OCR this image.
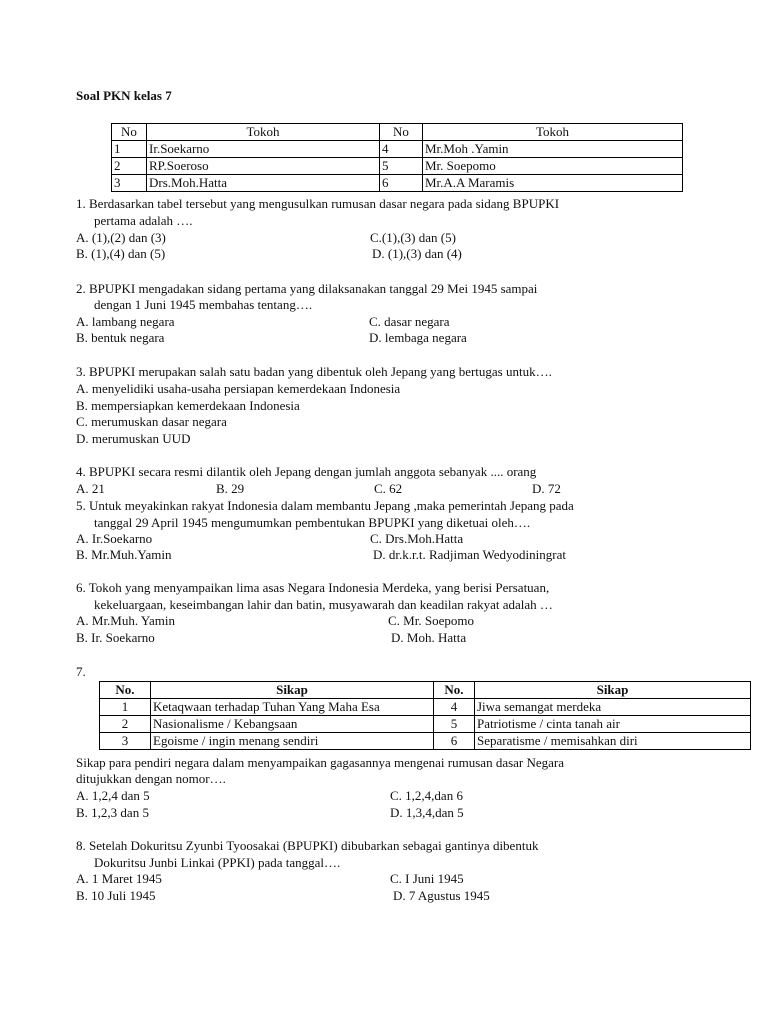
Soal PKN kelas 7
No	Tokoh	No	Tokoh
1	Ir.Soekarno	4	Mr.Moh .Yamin
2	RP.Soeroso	5	Mr. Soepomo
3	Drs.Moh.Hatta	6	Mr.A.A Maramis
1. Berdasarkan tabel tersebut yang mengusulkan rumusan dasar negara pada sidang BPUPKI
pertama adalah ….
A. (1),(2) dan (3)	C.(1),(3) dan (5)
B. (1),(4) dan (5)	D. (1),(3) dan (4)
2. BPUPKI mengadakan sidang pertama yang dilaksanakan tanggal 29 Mei 1945 sampai
dengan 1 Juni 1945 membahas tentang….
A. lambang negara	C. dasar negara
B. bentuk negara	D. lembaga negara
3. BPUPKI merupakan salah satu badan yang dibentuk oleh Jepang yang bertugas untuk….
A. menyelidiki usaha-usaha persiapan kemerdekaan Indonesia
B. mempersiapkan kemerdekaan Indonesia
C. merumuskan dasar negara
D. merumuskan UUD
4. BPUPKI secara resmi dilantik oleh Jepang dengan jumlah anggota sebanyak .... orang
A. 21	B. 29	C. 62	D. 72
5. Untuk meyakinkan rakyat Indonesia dalam membantu Jepang ,maka pemerintah Jepang pada
tanggal 29 April 1945 mengumumkan pembentukan BPUPKI yang diketuai oleh….
A. Ir.Soekarno	C. Drs.Moh.Hatta
B. Mr.Muh.Yamin	D. dr.k.r.t. Radjiman Wedyodiningrat
6. Tokoh yang menyampaikan lima asas Negara Indonesia Merdeka, yang berisi Persatuan,
kekeluargaan, keseimbangan lahir dan batin, musyawarah dan keadilan rakyat adalah …
A. Mr.Muh. Yamin	C. Mr. Soepomo
B. Ir. Soekarno	D. Moh. Hatta
7.
No.	Sikap	No.	Sikap
1	Ketaqwaan terhadap Tuhan Yang Maha Esa	4	Jiwa semangat merdeka
2	Nasionalisme / Kebangsaan	5	Patriotisme / cinta tanah air
3	Egoisme / ingin menang sendiri	6	Separatisme / memisahkan diri
Sikap para pendiri negara dalam menyampaikan gagasannya mengenai rumusan dasar Negara
ditujukkan dengan nomor….
A. 1,2,4 dan 5	C. 1,2,4,dan 6
B. 1,2,3 dan 5	D. 1,3,4,dan 5
8. Setelah Dokuritsu Zyunbi Tyoosakai (BPUPKI) dibubarkan sebagai gantinya dibentuk
Dokuritsu Junbi Linkai (PPKI) pada tanggal….
A. 1 Maret 1945	C. I Juni 1945
B. 10 Juli 1945	D. 7 Agustus 1945
